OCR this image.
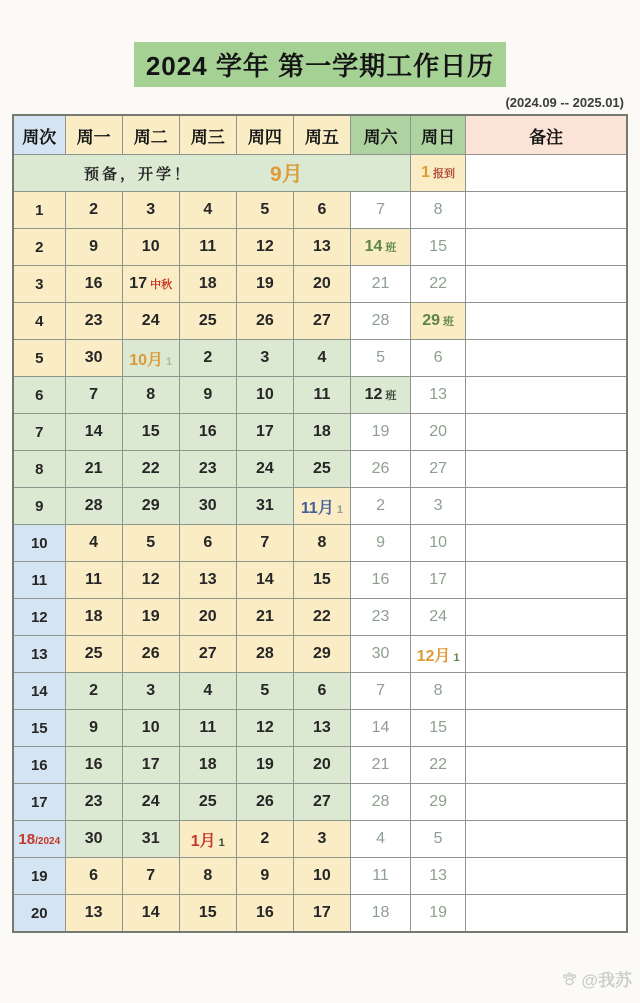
2024 学年 第一学期工作日历
(2024.09 -- 2025.01)
周次	周一	周二	周三	周四	周五	周六	周日	备注

预备，开学！ 9月							1 报到	
1	2	3	4	5	6	7	8	
2	9	10	11	12	13	14 班	15	
3	16	17 中秋	18	19	20	21	22	
4	23	24	25	26	27	28	29 班	
5	30	10月 1	2	3	4	5	6	
6	7	8	9	10	11	12 班	13	
7	14	15	16	17	18	19	20	
8	21	22	23	24	25	26	27	
9	28	29	30	31	11月 1	2	3	
10	4	5	6	7	8	9	10	
11	11	12	13	14	15	16	17	
12	18	19	20	21	22	23	24	
13	25	26	27	28	29	30	12月 1	
14	2	3	4	5	6	7	8	
15	9	10	11	12	13	14	15	
16	16	17	18	19	20	21	22	
17	23	24	25	26	27	28	29	
18/2024	30	31	1月 1	2	3	4	5	
19	6	7	8	9	10	11	13	
20	13	14	15	16	17	18	19	
@我苏
